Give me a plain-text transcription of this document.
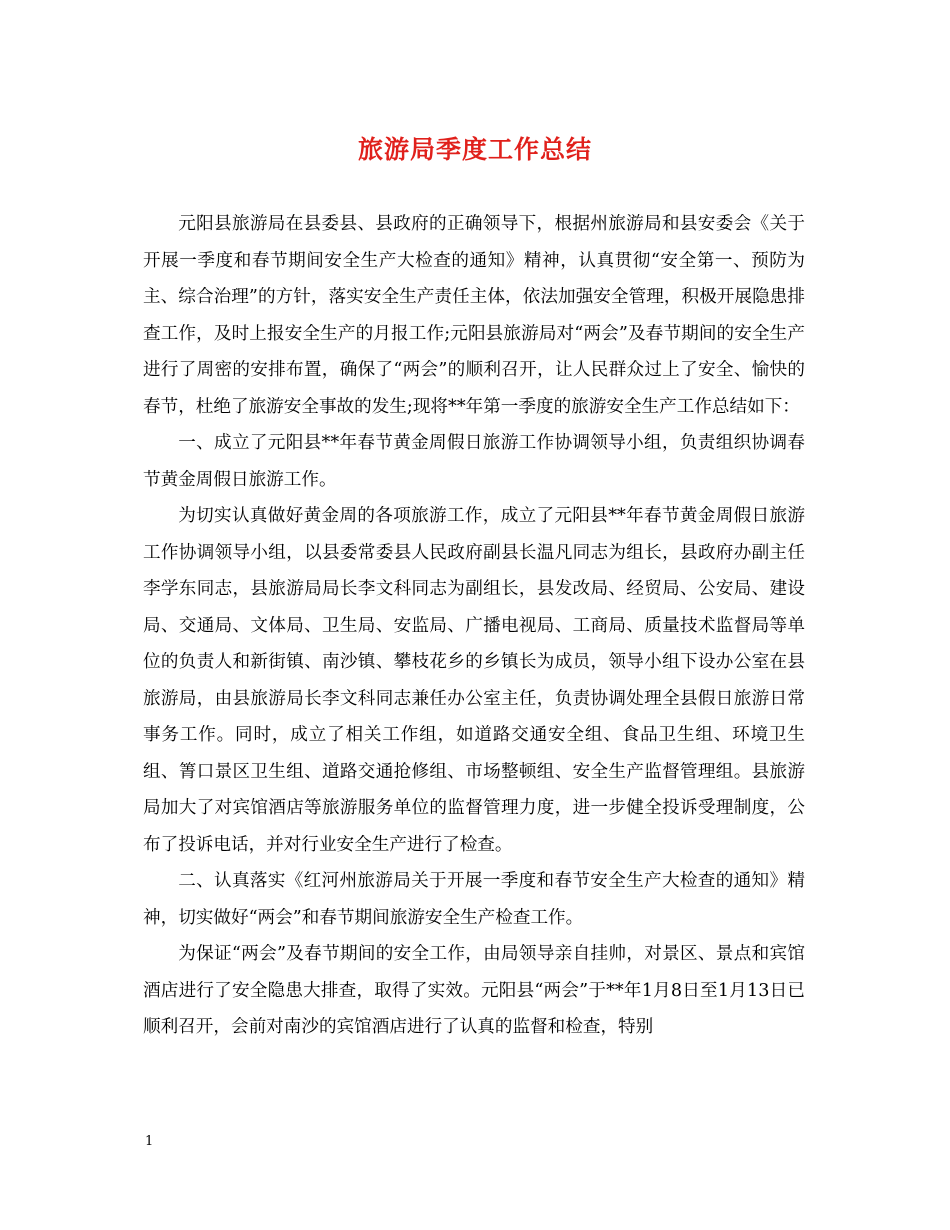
旅游局季度工作总结

元阳县旅游局在县委县、县政府的正确领导下，根据州旅游局和县安委会《关于开展一季度和春节期间安全生产大检查的通知》精神，认真贯彻“安全第一、预防为主、综合治理”的方针，落实安全生产责任主体，依法加强安全管理，积极开展隐患排查工作，及时上报安全生产的月报工作;元阳县旅游局对“两会”及春节期间的安全生产进行了周密的安排布置，确保了“两会”的顺利召开，让人民群众过上了安全、愉快的春节，杜绝了旅游安全事故的发生;现将**年第一季度的旅游安全生产工作总结如下：

一、成立了元阳县**年春节黄金周假日旅游工作协调领导小组，负责组织协调春节黄金周假日旅游工作。

为切实认真做好黄金周的各项旅游工作，成立了元阳县**年春节黄金周假日旅游工作协调领导小组，以县委常委县人民政府副县长温凡同志为组长，县政府办副主任李学东同志，县旅游局局长李文科同志为副组长，县发改局、经贸局、公安局、建设局、交通局、文体局、卫生局、安监局、广播电视局、工商局、质量技术监督局等单位的负责人和新街镇、南沙镇、攀枝花乡的乡镇长为成员，领导小组下设办公室在县旅游局，由县旅游局长李文科同志兼任办公室主任，负责协调处理全县假日旅游日常事务工作。同时，成立了相关工作组，如道路交通安全组、食品卫生组、环境卫生组、箐口景区卫生组、道路交通抢修组、市场整顿组、安全生产监督管理组。县旅游局加大了对宾馆酒店等旅游服务单位的监督管理力度，进一步健全投诉受理制度，公布了投诉电话，并对行业安全生产进行了检查。

二、认真落实《红河州旅游局关于开展一季度和春节安全生产大检查的通知》精神，切实做好“两会”和春节期间旅游安全生产检查工作。

为保证“两会”及春节期间的安全工作，由局领导亲自挂帅，对景区、景点和宾馆酒店进行了安全隐患大排查，取得了实效。元阳县“两会”于**年1月8日至1月13日已顺利召开，会前对南沙的宾馆酒店进行了认真的监督和检查，特别

1
